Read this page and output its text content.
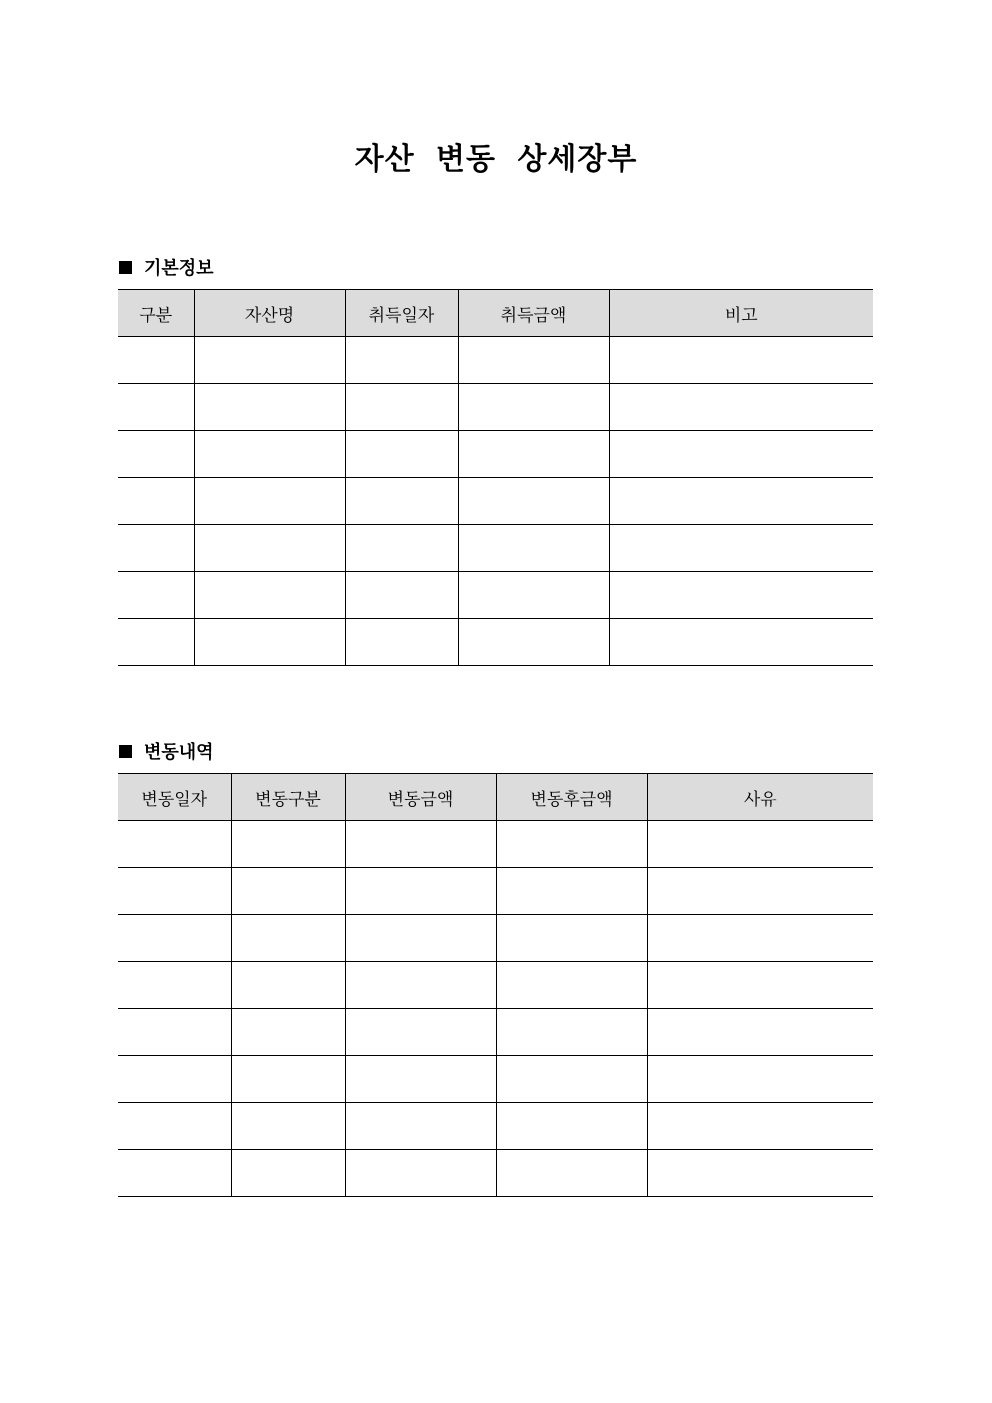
자산 변동 상세장부
기본정보
구분	자산명	취득일자	취득금액	비고

변동내역
변동일자	변동구분	변동금액	변동후금액	사유
